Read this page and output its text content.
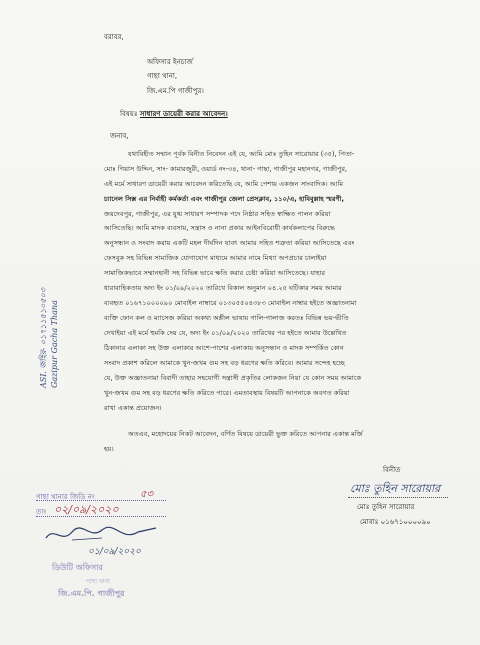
বরাবর,
অফিসার ইনচার্জ
গাছা থানা,
জি.এম.পি গাজীপুর।
বিষয়ঃ সাধারণ ডায়েরী করার আবেদন।
জনাব,
যথাবিহীত সম্মান পূর্বক বিনীত নিবেদন এই যে, আমি মোঃ তুহিন সারোয়ার (৩৫), পিতা-
মোঃ গিয়াস উদ্দিন, সাং- কামারজুরী, ওয়ার্ড নং-৩৪, থানা- গাছা, গাজীপুর মহানগর, গাজীপুর,
এই মর্মে সাধারণ ডায়েরী করার আবেদন করিতেছি যে, আমি পেশায় একজন সাংবাদিক। আমি
চ্যানেল সিক্স এর নির্বাহী কর্মকর্তা এবং গাজীপুর জেলা প্রেসক্লাব, ১১০/এ, হাবিবুল্লাহ স্মরণী,
জয়দেবপুর, গাজীপুর, এর যুগ্ম সাধারণ সম্পাদক পদে নিষ্ঠার সহিত স্বাক্ষিত পালন করিয়া
আসিতেছি। আমি মাদক ব্যবসায়, সন্ত্রাস ও নানা প্রকার আইনবিরোধী কার্যকলাপের বিরুদ্ধে
অনুসন্ধান ও সংবাদ করায় একটি মহল দীর্ঘদিন যাবৎ আমার সহিত শত্রুতা করিয়া আসিতেছে এবং
ফেসবুক সহ বিভিন্ন সামাজিক যোগাযোগ মাধ্যমে আমার নামে মিথ্যা অপপ্রচার চালাইয়া
সামাজিকভাবে সম্মানহানী সহ বিভিন্ন ভাবে ক্ষতি করার চেষ্টা করিয়া আসিতেছে। যাহার
ধারাবাহিকতায় অদ্য ইং ০১/০৯/২০২০ তারিখে বিকাল অনুমান ০৪.২৫ ঘটিকার সময় আমার
ব্যবহৃত ০১৬৭১০০০০৯০ মোবাইল নাম্বারে ০১৩০৫৫০৪৩৮৩ মোবাইল নাম্বার হইতে অজ্ঞাতনামা
ব্যক্তি ফোন কল ও ম্যাসেজ করিয়া অকথ্য অশ্লীল ভাষায় গালি-গালাজ করতঃ বিভিন্ন ভয়-ভীতি
দেখাইয়া এই মর্মে হুমকি দেয় যে, অদ্য ইং ০১/০৯/২০২০ তারিখের পর হইতে আমার উল্লেখিত
ঠিকানার এলাকা সহ উক্ত এলাকার আশে-পাশের এলাকায় অনুসন্ধান ও মাদক সম্পর্কিত কোন
সংবাদ প্রকাশ করিলে আমাকে খুন-জখম গুম সহ বড় ধরণের ক্ষতি করিবে। আমার সন্দেহ হচ্ছে
যে, উক্ত অজ্ঞাতনামা বিবাদী তাহার সহযোগী সন্ত্রাসী প্রকৃতির লোকজন নিয়া যে কোন সময় আমাকে
খুন-জখম গুম সহ বড় ধরণের ক্ষতি করিতে পারে। এমতাবস্থায় বিষয়টি আপনাকে অবগত করিয়া
রাখা একান্ত প্রয়োজন।
অতএব, মহোদয়ের নিকট আবেদন, বর্ণিত বিষয়ে ডায়েরী ভুক্ত করিতে আপনার একান্ত মর্জি
হয়।
বিনীত
মোঃ তুহিন সারোয়ার
মোঃ তুহিন সারোয়ার
মোবাঃ ০১৬৭১০০০০৯০
ASI. জহির- ০১৭১১৫১০৫০৩ Gazipur Gacha Thana
গাছা থানার জিডি নং	৫৩
তাং ০২/০৯/২০২০
০১/০৯/২০২০
ডিউটি অফিসার
গাছা থানা
জি.এম.পি. গাজীপুর
